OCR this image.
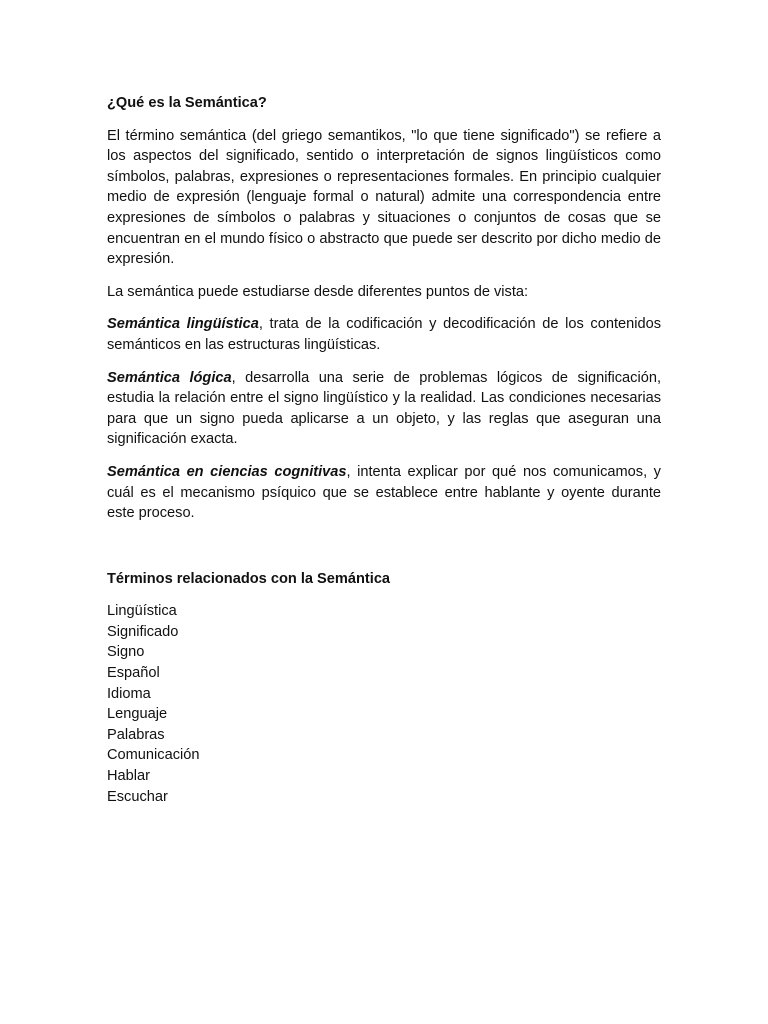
¿Qué es la Semántica?

El término semántica (del griego semantikos, "lo que tiene significado") se refiere a los aspectos del significado, sentido o interpretación de signos lingüísticos como símbolos, palabras, expresiones o representaciones formales. En principio cualquier medio de expresión (lenguaje formal o natural) admite una correspondencia entre expresiones de símbolos o palabras y situaciones o conjuntos de cosas que se encuentran en el mundo físico o abstracto que puede ser descrito por dicho medio de expresión.

La semántica puede estudiarse desde diferentes puntos de vista:

Semántica lingüística, trata de la codificación y decodificación de los contenidos semánticos en las estructuras lingüísticas.

Semántica lógica, desarrolla una serie de problemas lógicos de significación, estudia la relación entre el signo lingüístico y la realidad. Las condiciones necesarias para que un signo pueda aplicarse a un objeto, y las reglas que aseguran una significación exacta.

Semántica en ciencias cognitivas, intenta explicar por qué nos comunicamos, y cuál es el mecanismo psíquico que se establece entre hablante y oyente durante este proceso.

Términos relacionados con la Semántica

Lingüística
Significado
Signo
Español
Idioma
Lenguaje
Palabras
Comunicación
Hablar
Escuchar
